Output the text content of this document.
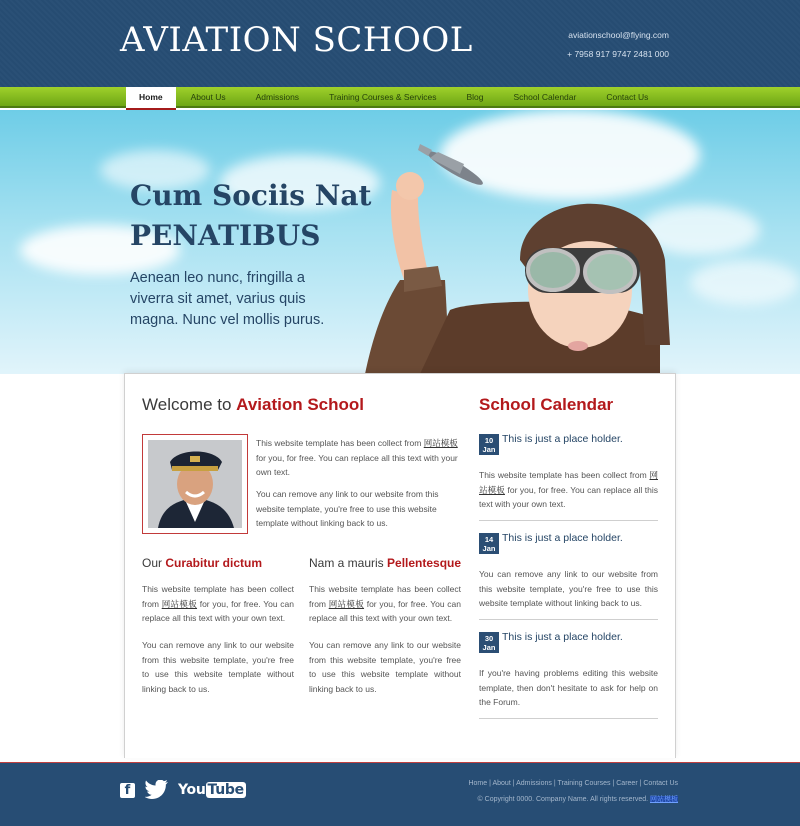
AVIATION SCHOOL	aviationschool@flying.com
+ 7958 917 9747 2481 000
Home	About Us	Admissions	Training Courses & Services	Blog	School Calendar	Contact Us
Cum Sociis Nat
PENATIBUS
Aenean leo nunc, fringilla a viverra sit amet, varius quis magna. Nunc vel mollis purus.
Welcome to Aviation School
This website template has been collect from 网站模板 for you, for free. You can replace all this text with your own text.
You can remove any link to our website from this website template, you're free to use this website template without linking back to us.
Our Curabitur dictum
This website template has been collect from 网站模板 for you, for free. You can replace all this text with your own text.
You can remove any link to our website from this website template, you're free to use this website template without linking back to us.
Nam a mauris Pellentesque
This website template has been collect from 网站模板 for you, for free. You can replace all this text with your own text.
You can remove any link to our website from this website template, you're free to use this website template without linking back to us.
School Calendar
10
Jan
This is just a place holder.
This website template has been collect from 网站模板 for you, for free. You can replace all this text with your own text.
14
Jan
This is just a place holder.
You can remove any link to our website from this website template, you're free to use this website template without linking back to us.
30
Jan
This is just a place holder.
If you're having problems editing this website template, then don't hesitate to ask for help on the Forum.
f	You Tube	Home | About | Admissions | Training Courses | Career | Contact Us
© Copyright 0000. Company Name. All rights reserved. 网站模板
